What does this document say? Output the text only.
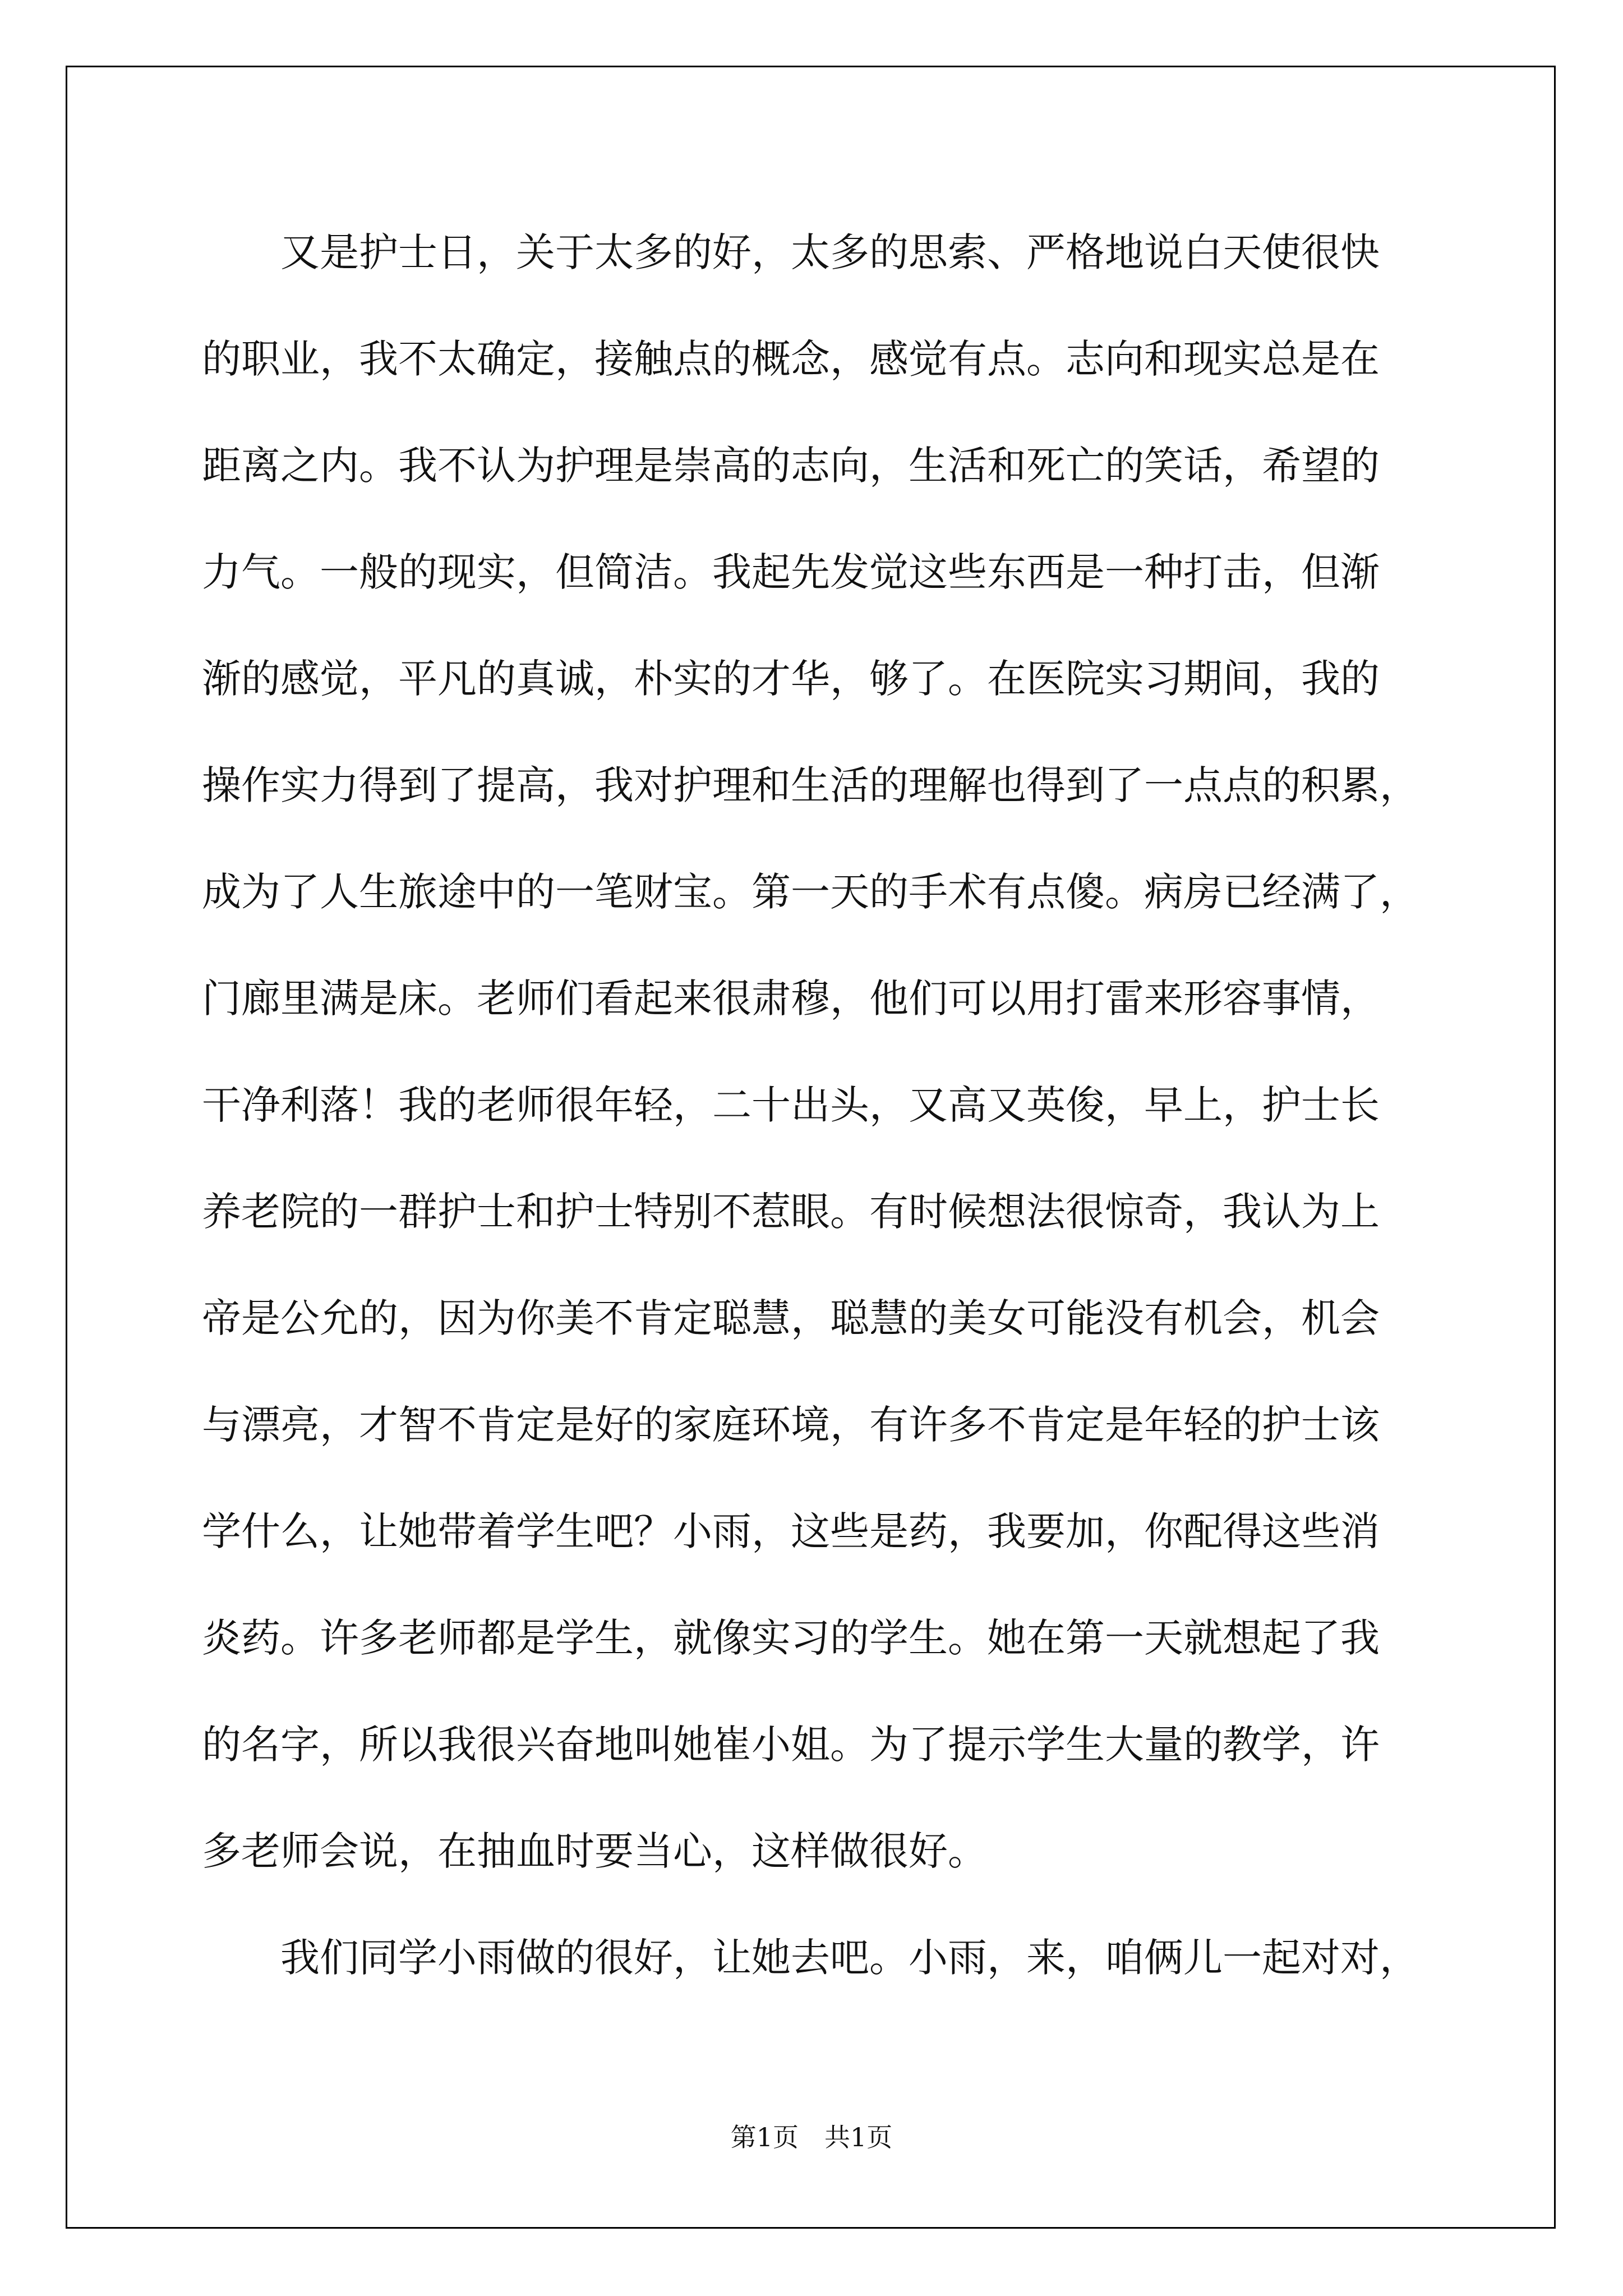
又是护士日，关于太多的好，太多的思索、严格地说白天使很快

的职业，我不太确定，接触点的概念，感觉有点。志向和现实总是在

距离之内。我不认为护理是崇高的志向，生活和死亡的笑话，希望的

力气。一般的现实，但简洁。我起先发觉这些东西是一种打击，但渐

渐的感觉，平凡的真诚，朴实的才华，够了。在医院实习期间，我的

操作实力得到了提高，我对护理和生活的理解也得到了一点点的积累，

成为了人生旅途中的一笔财宝。第一天的手术有点傻。病房已经满了，

门廊里满是床。老师们看起来很肃穆，他们可以用打雷来形容事情，

干净利落！我的老师很年轻，二十出头，又高又英俊，早上，护士长

养老院的一群护士和护士特别不惹眼。有时候想法很惊奇，我认为上

帝是公允的，因为你美不肯定聪慧，聪慧的美女可能没有机会，机会

与漂亮，才智不肯定是好的家庭环境，有许多不肯定是年轻的护士该

学什么，让她带着学生吧？小雨，这些是药，我要加，你配得这些消

炎药。许多老师都是学生，就像实习的学生。她在第一天就想起了我

的名字，所以我很兴奋地叫她崔小姐。为了提示学生大量的教学，许

多老师会说，在抽血时要当心，这样做很好。

我们同学小雨做的很好，让她去吧。小雨，来，咱俩儿一起对对，

第1页　共1页
